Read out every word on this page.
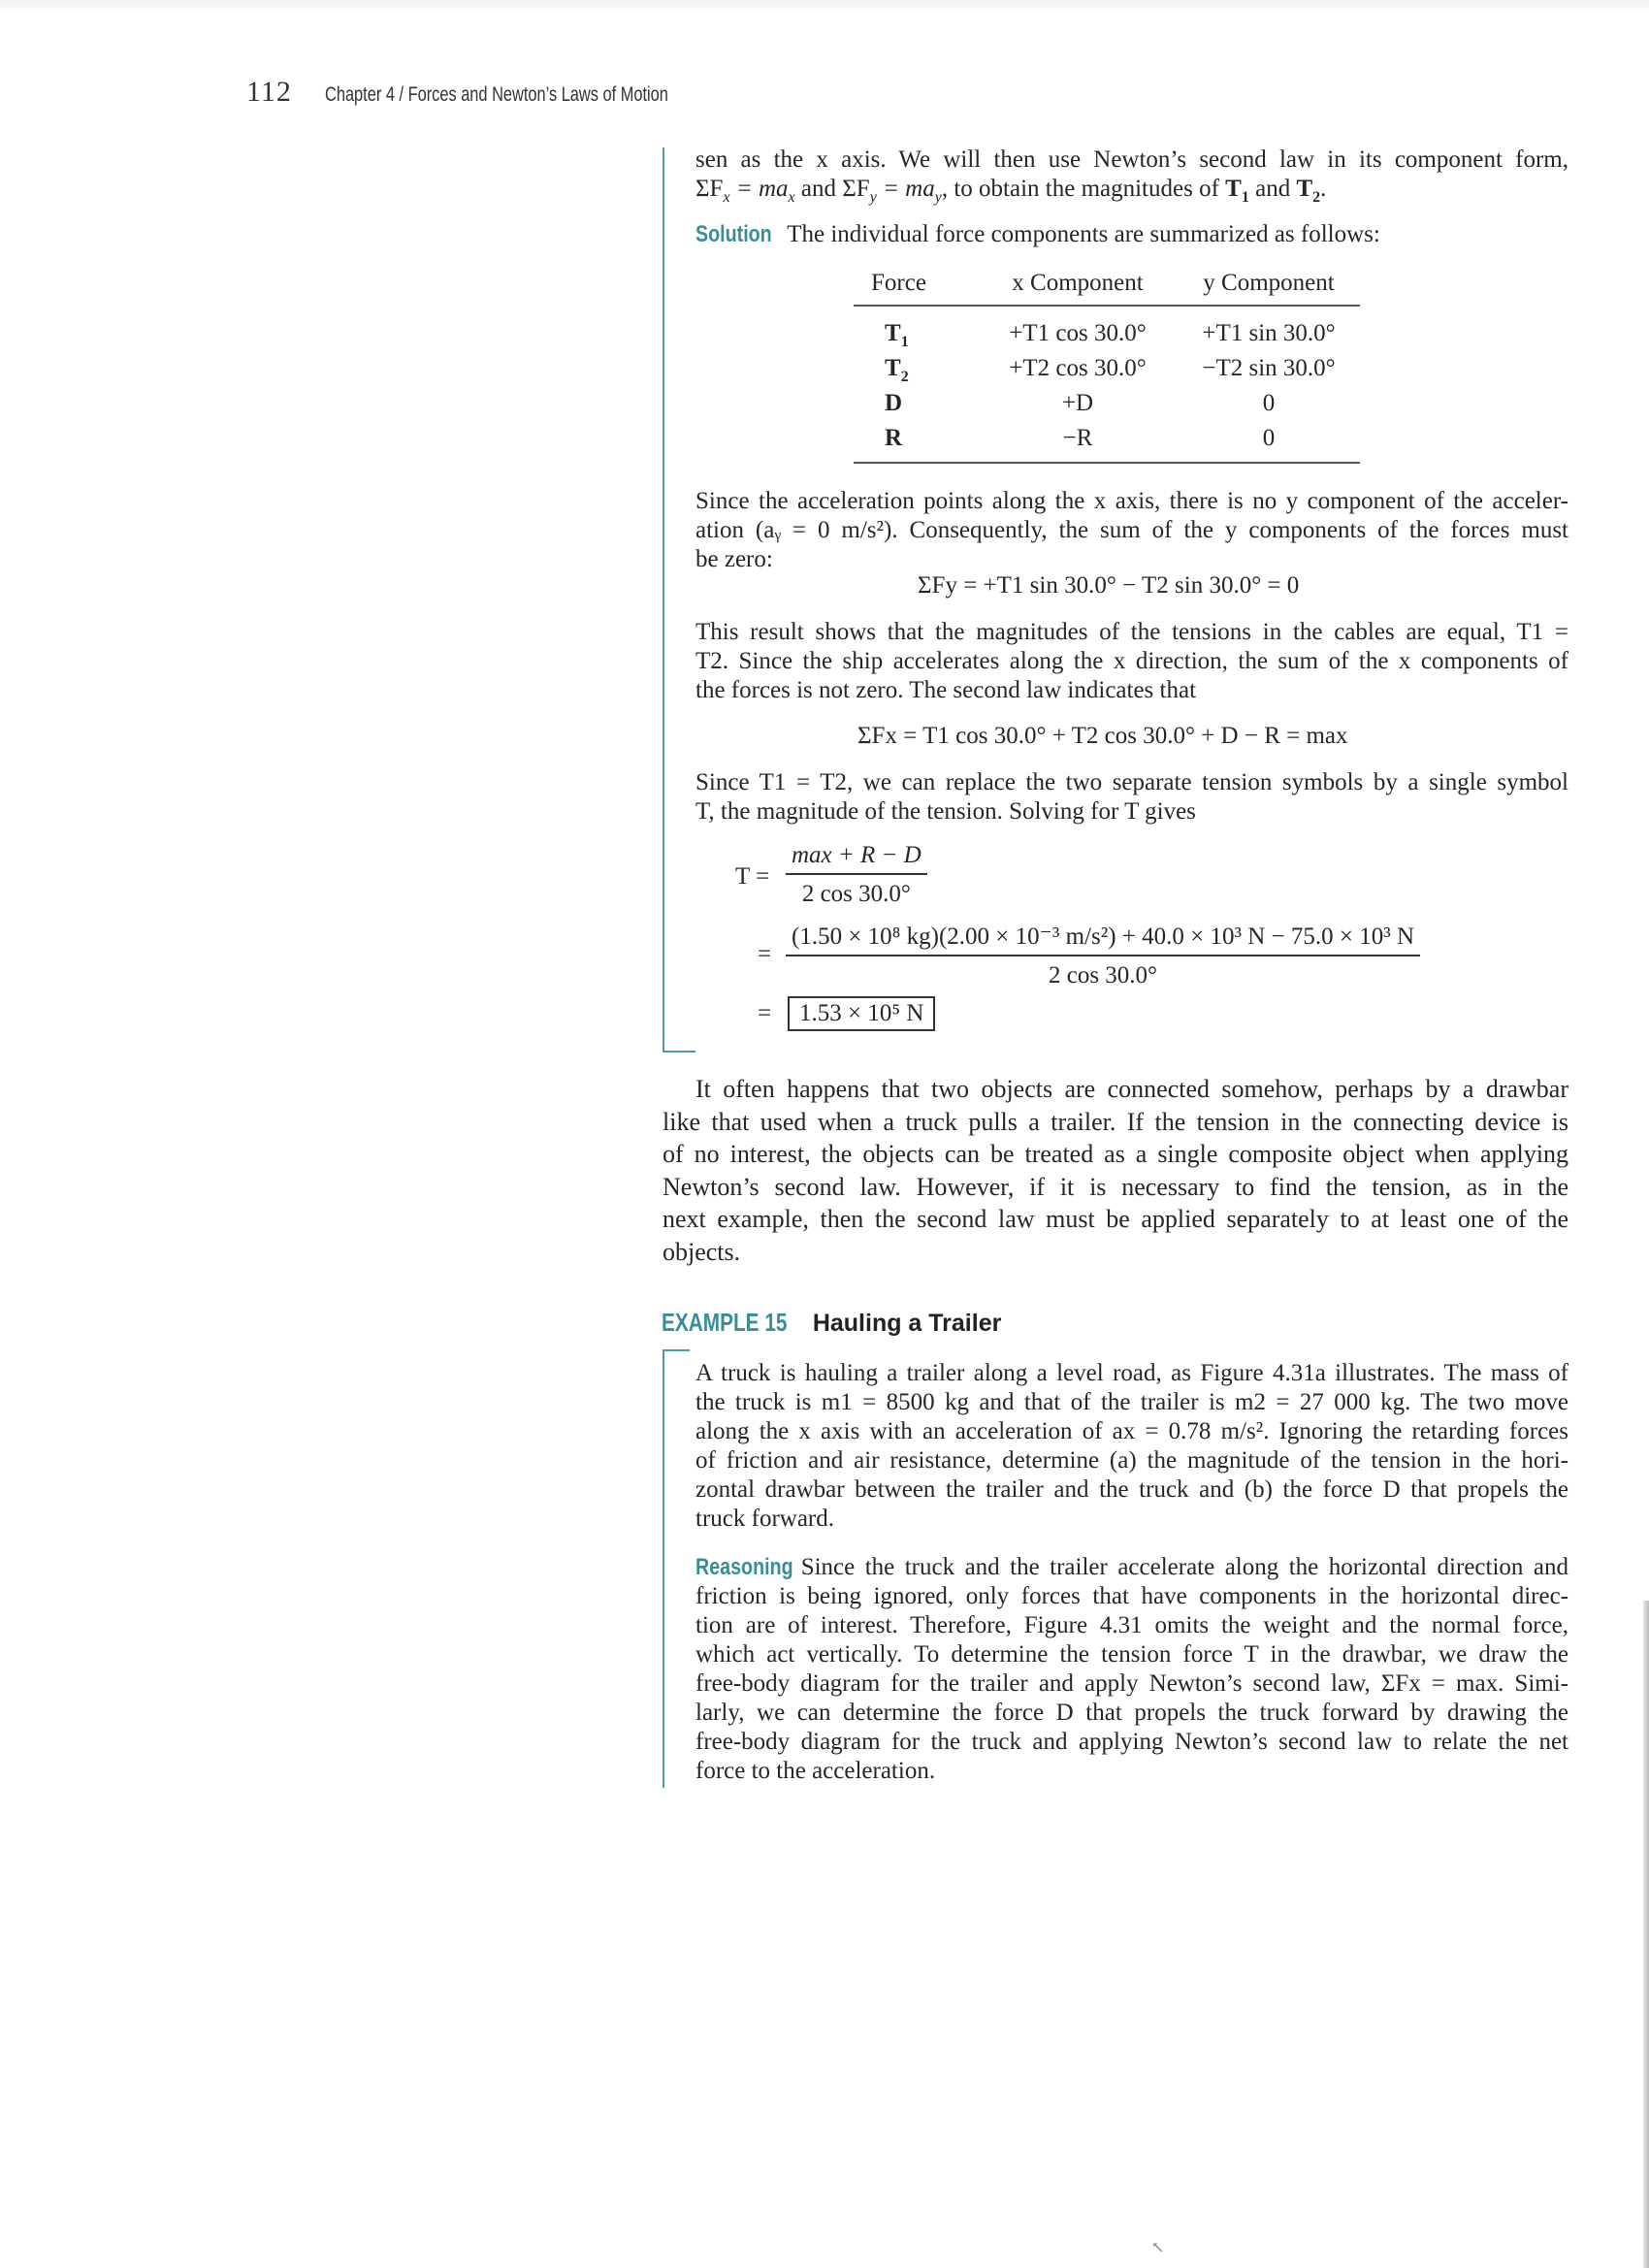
112 Chapter 4 / Forces and Newton’s Laws of Motion

sen as the x axis. We will then use Newton’s second law in its component form,

$\Sigma F_x = ma_x$ and $\Sigma F_y = ma_y$, to obtain the magnitudes of $T_1$ and $T_2$.

Solution The individual force components are summarized as follows:

Force	x Component	y Component
$T_1$	+T1 cos 30.0°	+T1 sin 30.0°
$T_2$	+T2 cos 30.0°	−T2 sin 30.0°
D	+D	0
R	−R	0

Since the acceleration points along the x axis, there is no y component of the acceler-

ation (aᵧ = 0 m/s²). Consequently, the sum of the y components of the forces must

be zero:

ΣFy = +T1 sin 30.0° − T2 sin 30.0° = 0

This result shows that the magnitudes of the tensions in the cables are equal, T1 =

T2. Since the ship accelerates along the x direction, the sum of the x components of

the forces is not zero. The second law indicates that

ΣFx = T1 cos 30.0° + T2 cos 30.0° + D − R = max

Since T1 = T2, we can replace the two separate tension symbols by a single symbol

T, the magnitude of the tension. Solving for T gives

T =
max + R − D
2 cos 30.0°
=
(1.50 × 10⁸ kg)(2.00 × 10⁻³ m/s²) + 40.0 × 10³ N − 75.0 × 10³ N
2 cos 30.0°
=	1.53 × 10⁵ N

It often happens that two objects are connected somehow, perhaps by a drawbar

like that used when a truck pulls a trailer. If the tension in the connecting device is

of no interest, the objects can be treated as a single composite object when applying

Newton’s second law. However, if it is necessary to find the tension, as in the

next example, then the second law must be applied separately to at least one of the

objects.

EXAMPLE 15 Hauling a Trailer

A truck is hauling a trailer along a level road, as Figure 4.31a illustrates. The mass of

the truck is m1 = 8500 kg and that of the trailer is m2 = 27 000 kg. The two move

along the x axis with an acceleration of ax = 0.78 m/s². Ignoring the retarding forces

of friction and air resistance, determine (a) the magnitude of the tension in the hori-

zontal drawbar between the trailer and the truck and (b) the force D that propels the

truck forward.

Reasoning Since the truck and the trailer accelerate along the horizontal direction and

friction is being ignored, only forces that have components in the horizontal direc-

tion are of interest. Therefore, Figure 4.31 omits the weight and the normal force,

which act vertically. To determine the tension force T in the drawbar, we draw the

free-body diagram for the trailer and apply Newton’s second law, ΣFx = max. Simi-

larly, we can determine the force D that propels the truck forward by drawing the

free-body diagram for the truck and applying Newton’s second law to relate the net

force to the acceleration.

↖
